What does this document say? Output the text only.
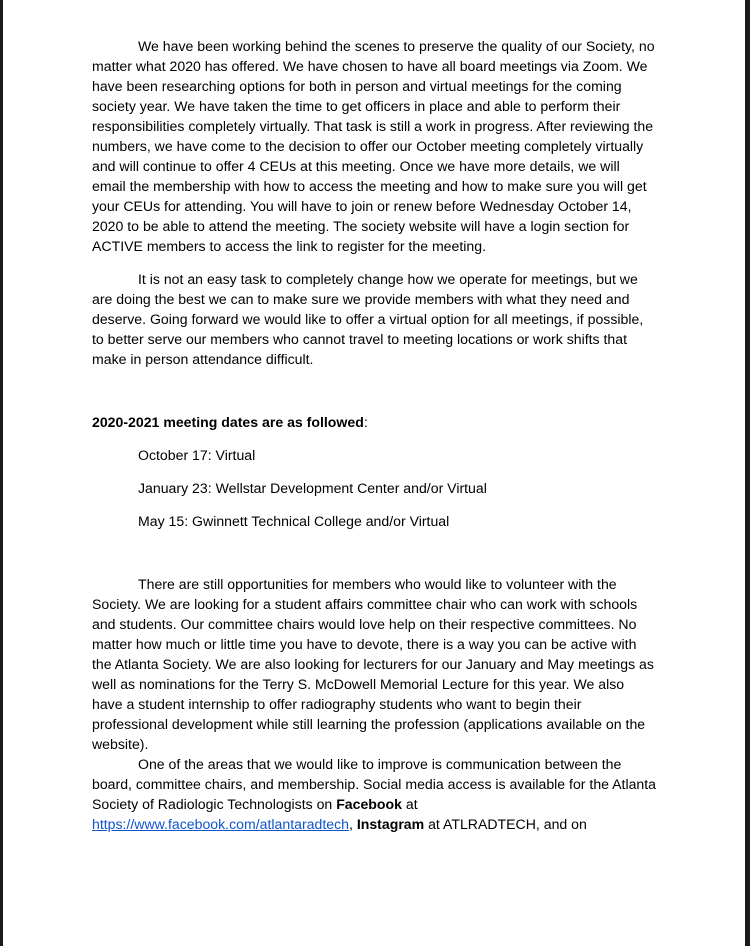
We have been working behind the scenes to preserve the quality of our Society, no matter what 2020 has offered. We have chosen to have all board meetings via Zoom. We have been researching options for both in person and virtual meetings for the coming society year. We have taken the time to get officers in place and able to perform their responsibilities completely virtually. That task is still a work in progress. After reviewing the numbers, we have come to the decision to offer our October meeting completely virtually and will continue to offer 4 CEUs at this meeting. Once we have more details, we will email the membership with how to access the meeting and how to make sure you will get your CEUs for attending. You will have to join or renew before Wednesday October 14, 2020 to be able to attend the meeting. The society website will have a login section for ACTIVE members to access the link to register for the meeting.

It is not an easy task to completely change how we operate for meetings, but we are doing the best we can to make sure we provide members with what they need and deserve. Going forward we would like to offer a virtual option for all meetings, if possible, to better serve our members who cannot travel to meeting locations or work shifts that make in person attendance difficult.

2020-2021 meeting dates are as followed:

October 17: Virtual

January 23: Wellstar Development Center and/or Virtual

May 15: Gwinnett Technical College and/or Virtual

There are still opportunities for members who would like to volunteer with the Society. We are looking for a student affairs committee chair who can work with schools and students. Our committee chairs would love help on their respective committees. No matter how much or little time you have to devote, there is a way you can be active with the Atlanta Society. We are also looking for lecturers for our January and May meetings as well as nominations for the Terry S. McDowell Memorial Lecture for this year. We also have a student internship to offer radiography students who want to begin their professional development while still learning the profession (applications available on the website).

One of the areas that we would like to improve is communication between the board, committee chairs, and membership. Social media access is available for the Atlanta Society of Radiologic Technologists on Facebook at https://www.facebook.com/atlantaradtech, Instagram at ATLRADTECH, and on
